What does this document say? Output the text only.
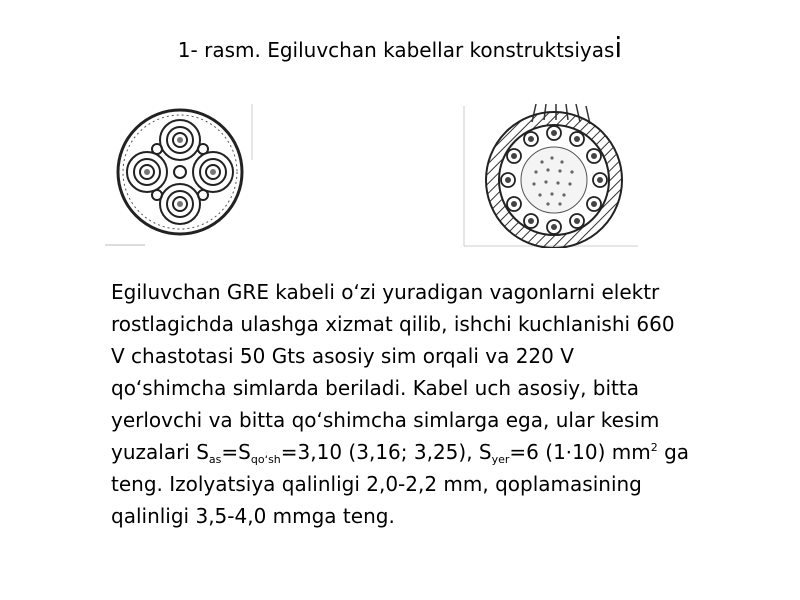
1- rasm. Egiluvchan kabellar konstruktsiyasi
Egiluvchan GRE kabeli oʻzi yuradigan vagonlarni elektr rostlagichda ulashga xizmat qilib, ishchi kuchlanishi 660 V chastotasi 50 Gts asosiy sim orqali va 220 V qoʻshimcha simlarda beriladi. Kabel uch asosiy, bitta yerlovchi va bitta qoʻshimcha simlarga ega, ular kesim yuzalari $S_{as}=S_{qoʻsh}=3,10$ (3,16; 3,25), $S_{yer}=6$ (1⋅10) $mm^2$ ga teng. Izolyatsiya qalinligi 2,0-2,2 mm, qoplamasining qalinligi 3,5-4,0 mmga teng.
